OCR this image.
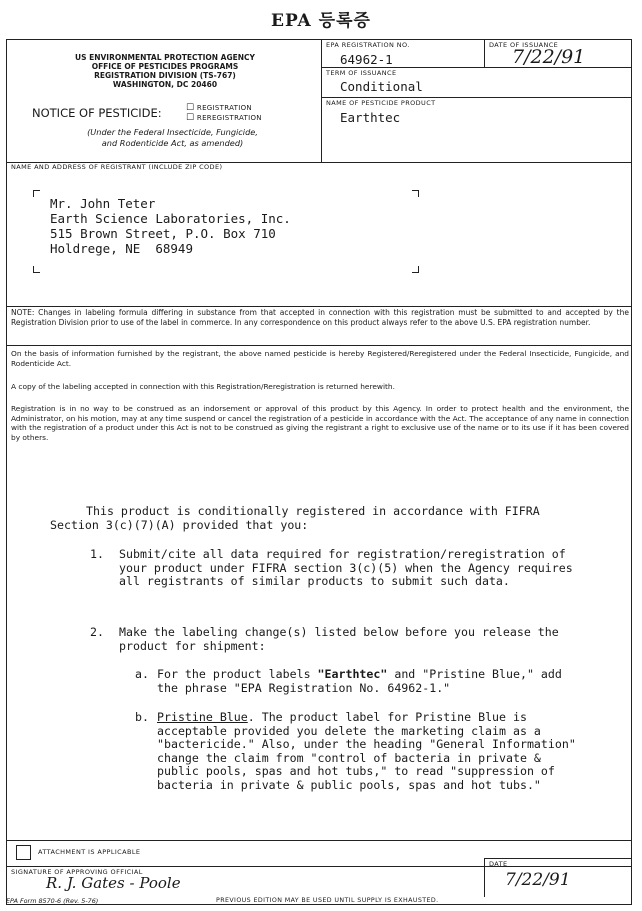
EPA 등록증
US ENVIRONMENTAL PROTECTION AGENCY
OFFICE OF PESTICIDES PROGRAMS
REGISTRATION DIVISION (TS-767)
WASHINGTON, DC 20460
NOTICE OF PESTICIDE:	☐ REGISTRATION
☐ REREGISTRATION
(Under the Federal Insecticide, Fungicide,
and Rodenticide Act, as amended)
EPA REGISTRATION NO.
64962-1
DATE OF ISSUANCE
7/22/91
TERM OF ISSUANCE
Conditional
NAME OF PESTICIDE PRODUCT
Earthtec
NAME AND ADDRESS OF REGISTRANT (INCLUDE ZIP CODE)
Mr. John Teter
Earth Science Laboratories, Inc.
515 Brown Street, P.O. Box 710
Holdrege, NE  68949
NOTE: Changes in labeling formula differing in substance from that accepted in connection with this registration must be submitted to and accepted by the Registration Division prior to use of the label in commerce. In any correspondence on this product always refer to the above U.S. EPA registration number.
On the basis of information furnished by the registrant, the above named pesticide is hereby Registered/Reregistered under the Federal Insecticide, Fungicide, and Rodenticide Act.
A copy of the labeling accepted in connection with this Registration/Reregistration is returned herewith.
Registration is in no way to be construed as an indorsement or approval of this product by this Agency. In order to protect health and the environment, the Administrator, on his motion, may at any time suspend or cancel the registration of a pesticide in accordance with the Act. The acceptance of any name in connection with the registration of a product under this Act is not to be construed as giving the registrant a right to exclusive use of the name or to its use if it has been covered by others.
This product is conditionally registered in accordance with FIFRA
Section 3(c)(7)(A) provided that you:
1. Submit/cite all data required for registration/reregistration of your product under FIFRA section 3(c)(5) when the Agency requires all registrants of similar products to submit such data.
2. Make the labeling change(s) listed below before you release the product for shipment:
a. For the product labels "Earthtec" and "Pristine Blue," add the phrase "EPA Registration No. 64962-1."
b. Pristine Blue. The product label for Pristine Blue is acceptable provided you delete the marketing claim as a "bactericide." Also, under the heading "General Information" change the claim from "control of bacteria in private & public pools, spas and hot tubs," to read "suppression of bacteria in private & public pools, spas and hot tubs."
ATTACHMENT IS APPLICABLE
SIGNATURE OF APPROVING OFFICIAL
R. J. Gates - Poole
DATE
7/22/91
EPA Form 8570-6 (Rev. 5-76)	PREVIOUS EDITION MAY BE USED UNTIL SUPPLY IS EXHAUSTED.
